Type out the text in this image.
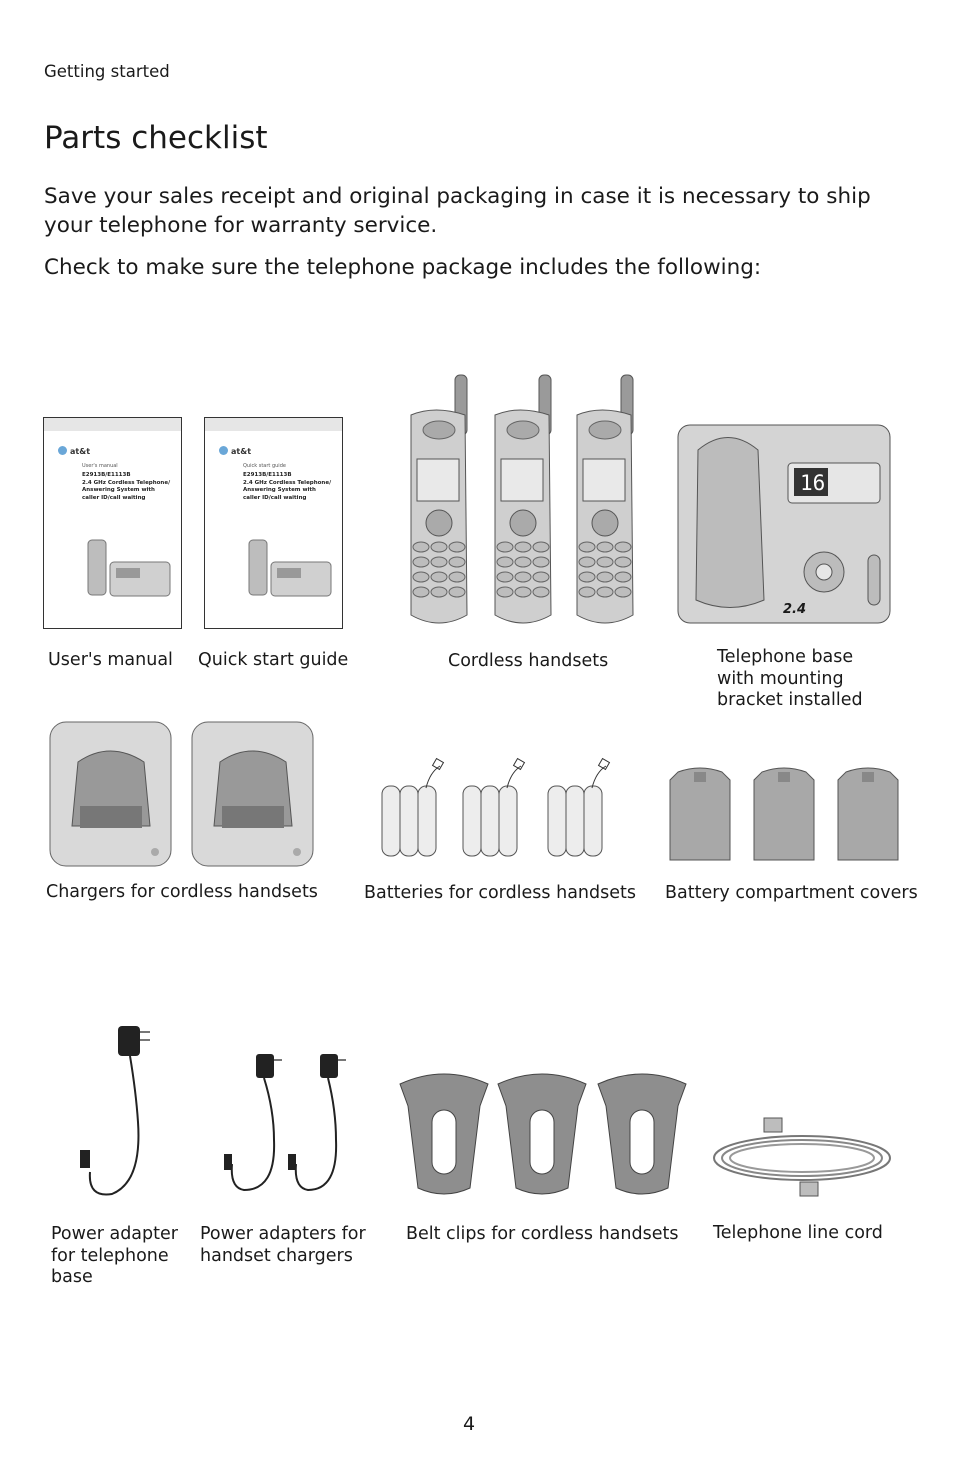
Getting started
Parts checklist

Save your sales receipt and original packaging in case it is necessary to ship your telephone for warranty service.

Check to make sure the telephone package includes the following:

at&t
User's manual
E2913B/E1113B
2.4 GHz Cordless Telephone/ Answering System with caller ID/call waiting
at&t
Quick start guide
E2913B/E1113B
2.4 GHz Cordless Telephone/ Answering System with caller ID/call waiting
16
2.4

User's manual Quick start guide	Cordless handsets	Telephone base with mounting bracket installed

Chargers for cordless handsets	Batteries for cordless handsets Battery compartment covers

Power adapter for telephone base

Power adapters for handset chargers

Belt clips for cordless handsets Telephone line cord

4
